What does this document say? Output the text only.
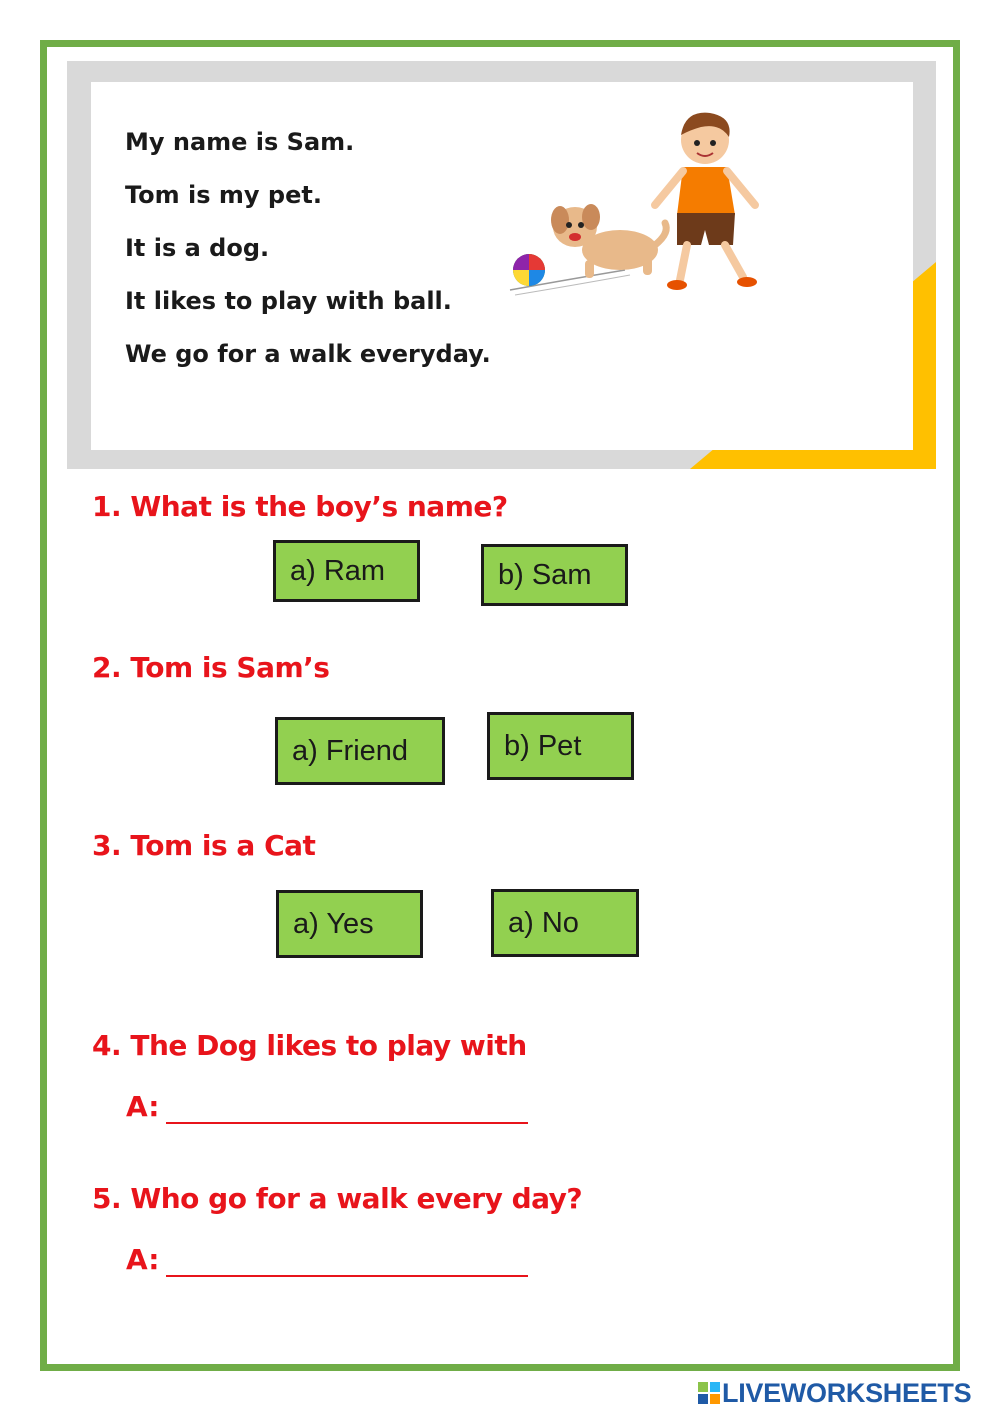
My name is Sam.
Tom is my pet.
It is a dog.
It likes to play with ball.
We go for a walk everyday.
1. What is the boy’s name?
a) Ram	b) Sam
2. Tom is Sam’s
a) Friend	b) Pet
3. Tom is a Cat
a) Yes	a) No
4. The Dog likes to play with
A:
5. Who go for a walk every day?
A:
LIVEWORKSHEETS
